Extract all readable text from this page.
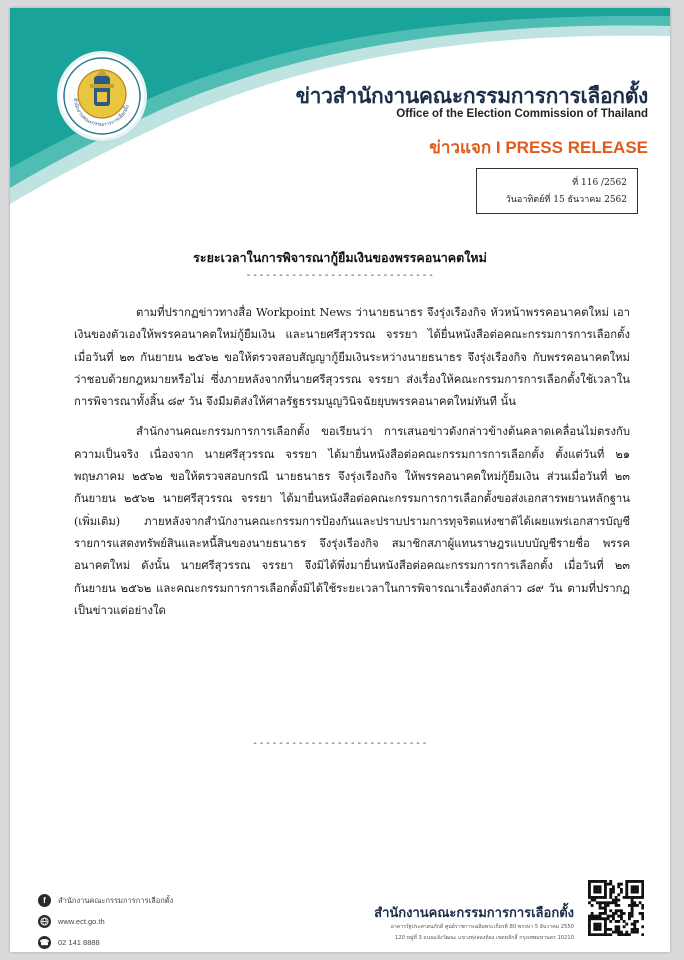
สำนักงานคณะกรรมการการเลือกตั้ง	ข่าวสำนักงานคณะกรรมการการเลือกตั้ง
Office of the Election Commission of Thailand
ข่าวแจก I PRESS RELEASE
ที่ 116 /2562
วันอาทิตย์ที่ 15 ธันวาคม 2562
ระยะเวลาในการพิจารณากู้ยืมเงินของพรรคอนาคตใหม่
-----------------------------

ตามที่ปรากฏข่าวทางสื่อ Workpoint News ว่านายธนาธร จึงรุ่งเรืองกิจ หัวหน้าพรรคอนาคตใหม่ เอาเงินของตัวเองให้พรรคอนาคตใหม่กู้ยืมเงิน และนายศรีสุวรรณ จรรยา ได้ยื่นหนังสือต่อคณะกรรมการการเลือกตั้ง เมื่อวันที่ ๒๓ กันยายน ๒๕๖๒ ขอให้ตรวจสอบสัญญากู้ยืมเงินระหว่างนายธนาธร จึงรุ่งเรืองกิจ กับพรรคอนาคตใหม่ ว่าชอบด้วยกฎหมายหรือไม่ ซึ่งภายหลังจากที่นายศรีสุวรรณ จรรยา ส่งเรื่องให้คณะกรรมการการเลือกตั้งใช้เวลาในการพิจารณาทั้งสิ้น ๘๙ วัน จึงมีมติส่งให้ศาลรัฐธรรมนูญวินิจฉัยยุบพรรคอนาคตใหม่ทันที นั้น

สำนักงานคณะกรรมการการเลือกตั้ง ขอเรียนว่า การเสนอข่าวดังกล่าวข้างต้นคลาดเคลื่อนไม่ตรงกับความเป็นจริง เนื่องจาก นายศรีสุวรรณ จรรยา ได้มายื่นหนังสือต่อคณะกรรมการการเลือกตั้ง ตั้งแต่วันที่ ๒๑ พฤษภาคม ๒๕๖๒ ขอให้ตรวจสอบกรณี นายธนาธร จึงรุ่งเรืองกิจ ให้พรรคอนาคตใหม่กู้ยืมเงิน ส่วนเมื่อวันที่ ๒๓ กันยายน ๒๕๖๒ นายศรีสุวรรณ จรรยา ได้มายื่นหนังสือต่อคณะกรรมการการเลือกตั้งขอส่งเอกสารพยานหลักฐาน (เพิ่มเติม) ภายหลังจากสำนักงานคณะกรรมการป้องกันและปราบปรามการทุจริตแห่งชาติได้เผยแพร่เอกสารบัญชีรายการแสดงทรัพย์สินและหนี้สินของนายธนาธร จึงรุ่งเรืองกิจ สมาชิกสภาผู้แทนราษฎรแบบบัญชีรายชื่อ พรรคอนาคตใหม่ ดังนั้น นายศรีสุวรรณ จรรยา จึงมิได้พึ่งมายื่นหนังสือต่อคณะกรรมการการเลือกตั้ง เมื่อวันที่ ๒๓ กันยายน ๒๕๖๒ และคณะกรรมการการเลือกตั้งมิได้ใช้ระยะเวลาในการพิจารณาเรื่องดังกล่าว ๘๙ วัน ตามที่ปรากฏเป็นข่าวแต่อย่างใด

---------------------------
f	สำนักงานคณะกรรมการการเลือกตั้ง
www.ect.go.th
☎ 02 141 8888
สำนักงานคณะกรรมการการเลือกตั้ง
อาคารรัฐประศาสนภักดี ศูนย์ราชการเฉลิมพระเกียรติ 80 พรรษา 5 ธันวาคม 2550
120 หมู่ที่ 3 ถนนแจ้งวัฒนะ แขวงทุ่งสองห้อง เขตหลักสี่ กรุงเทพมหานคร 10210
